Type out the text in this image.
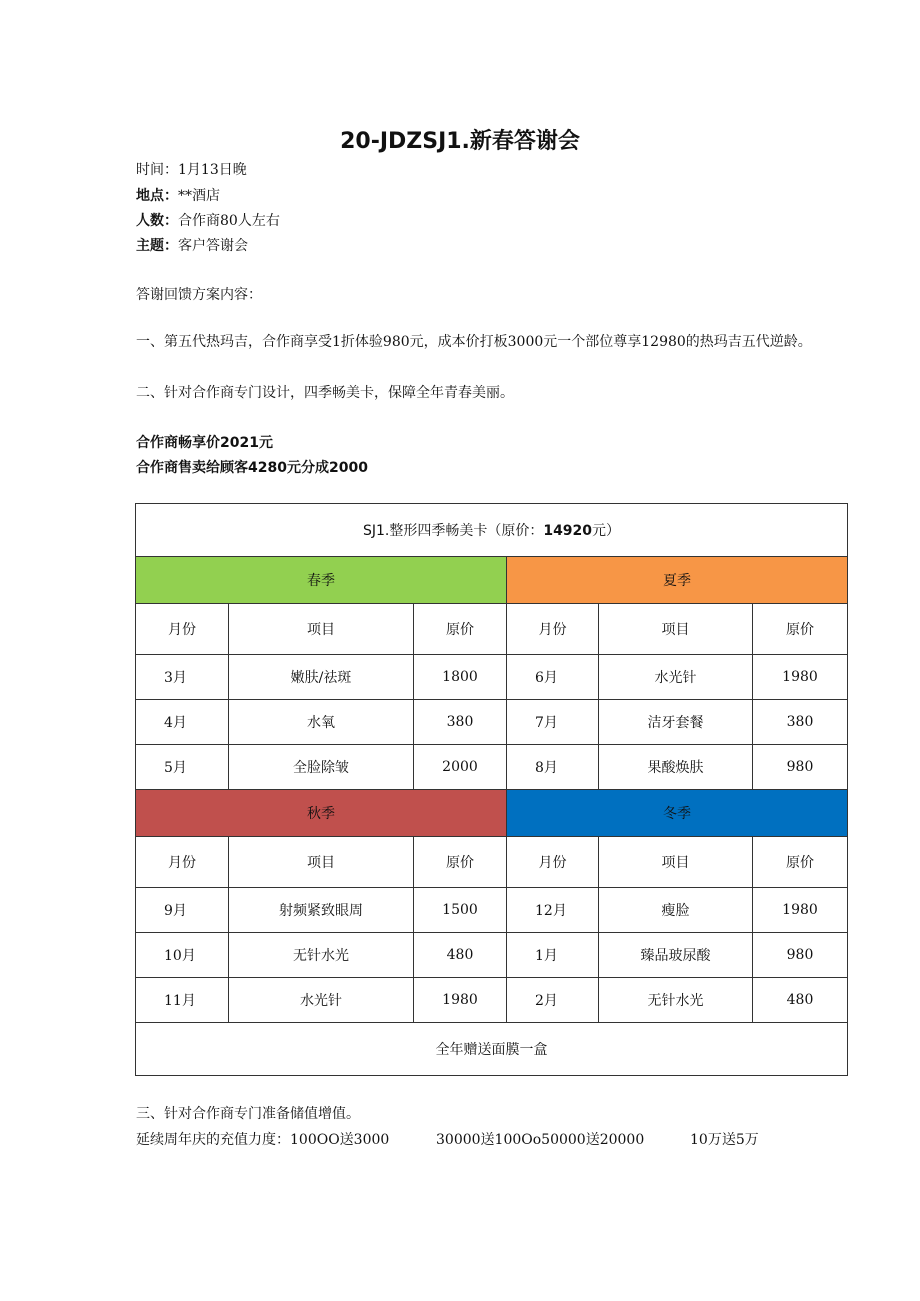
20-JDZSJ1.新春答谢会
时间：1月13日晚
地点：**酒店
人数：合作商80人左右
主题：客户答谢会
答谢回馈方案内容：
一、第五代热玛吉，合作商享受1折体验980元，成本价打板3000元一个部位尊享12980的热玛吉五代逆龄。
二、针对合作商专门设计，四季畅美卡，保障全年青春美丽。
合作商畅享价2021元
合作商售卖给顾客4280元分成2000
SJ1.整形四季畅美卡（原价：14920元）					
春季			夏季		
月份	项目	原价	月份	项目	原价
3月	嫩肤/祛斑	1800	6月	水光针	1980
4月	水氧	380	7月	洁牙套餐	380
5月	全脸除皱	2000	8月	果酸焕肤	980
秋季			冬季		
月份	项目	原价	月份	项目	原价
9月	射频紧致眼周	1500	12月	瘦脸	1980
10月	无针水光	480	1月	臻品玻尿酸	980
11月	水光针	1980	2月	无针水光	480
全年赠送面膜一盒					
三、针对合作商专门准备储值增值。
延续周年庆的充值力度：100OO送3000	30000送100Oo50000送20000	10万送5万
